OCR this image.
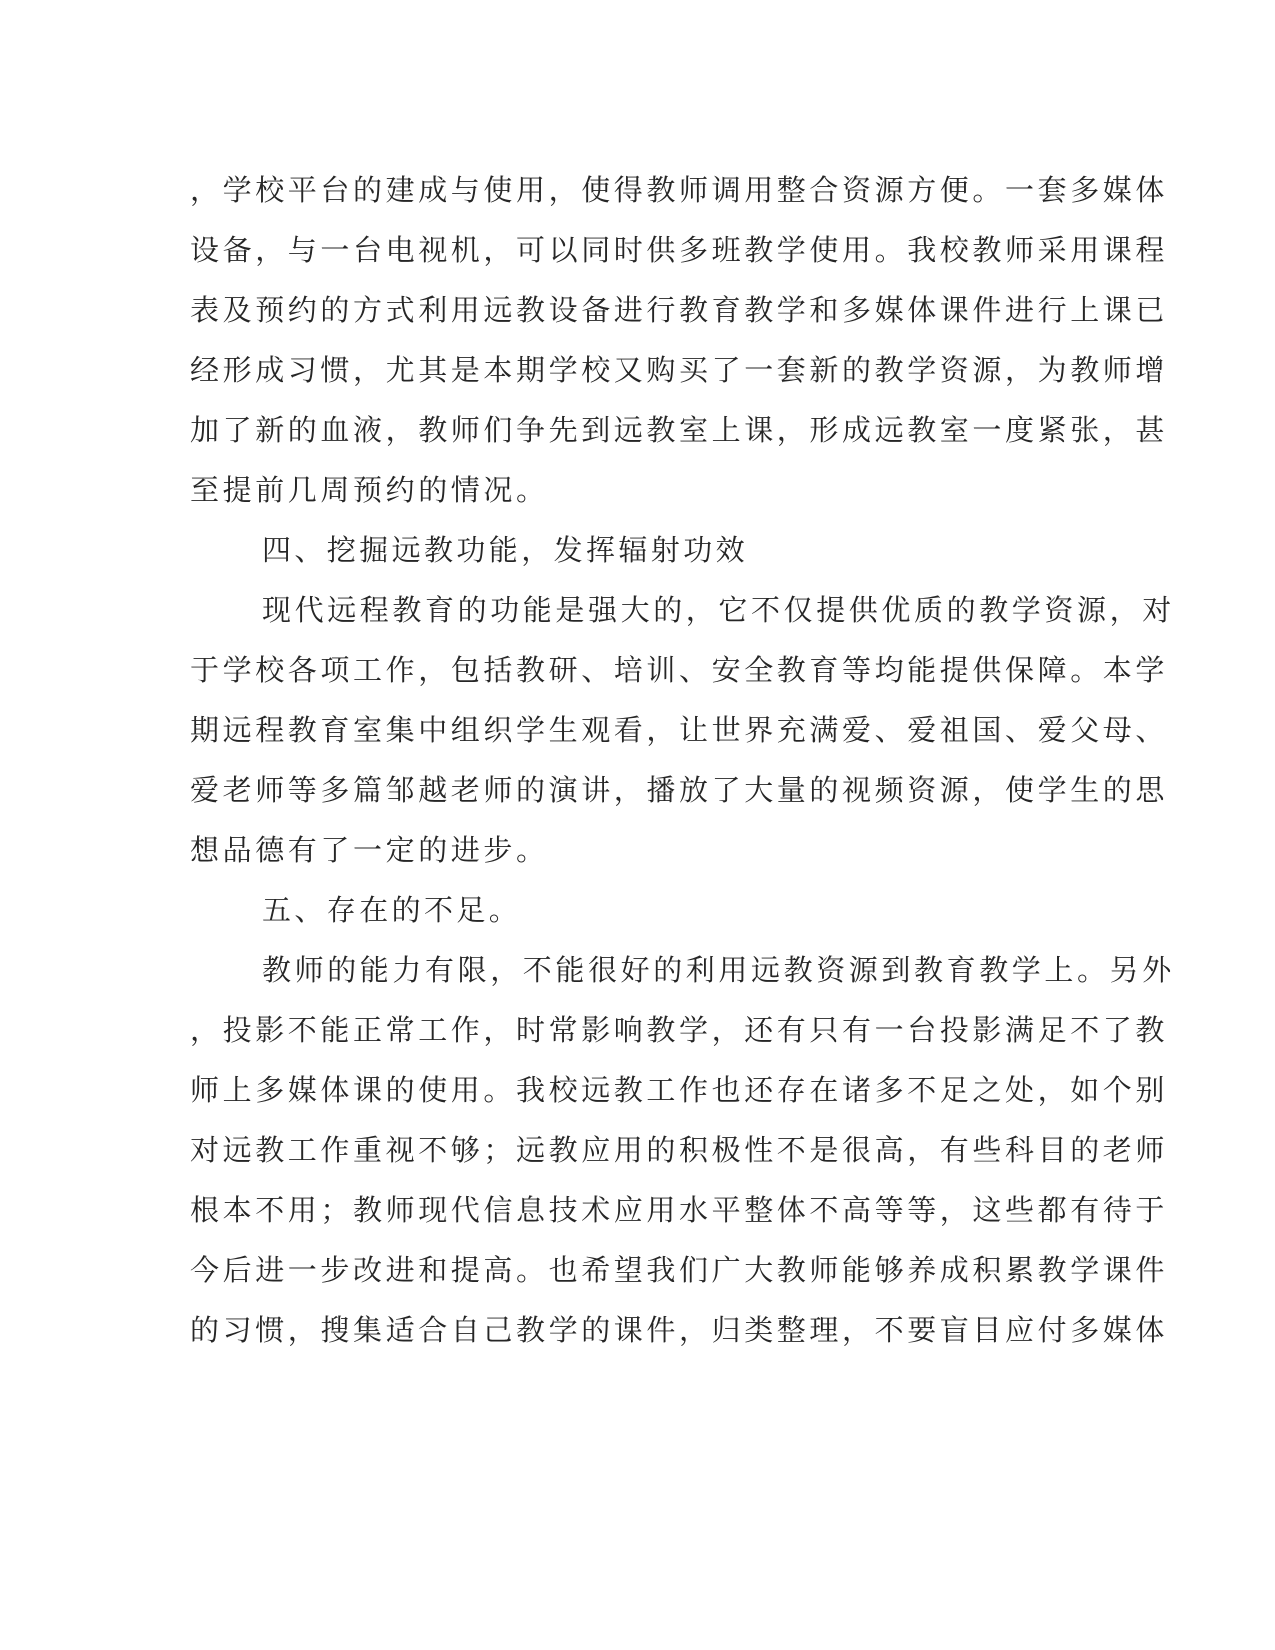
，学校平台的建成与使用，使得教师调用整合资源方便。一套多媒体
设备，与一台电视机，可以同时供多班教学使用。我校教师采用课程
表及预约的方式利用远教设备进行教育教学和多媒体课件进行上课已
经形成习惯，尤其是本期学校又购买了一套新的教学资源，为教师增
加了新的血液，教师们争先到远教室上课，形成远教室一度紧张，甚
至提前几周预约的情况。
四、挖掘远教功能，发挥辐射功效
现代远程教育的功能是强大的，它不仅提供优质的教学资源，对
于学校各项工作，包括教研、培训、安全教育等均能提供保障。本学
期远程教育室集中组织学生观看，让世界充满爱、爱祖国、爱父母、
爱老师等多篇邹越老师的演讲，播放了大量的视频资源，使学生的思
想品德有了一定的进步。
五、存在的不足。
教师的能力有限，不能很好的利用远教资源到教育教学上。另外
，投影不能正常工作，时常影响教学，还有只有一台投影满足不了教
师上多媒体课的使用。我校远教工作也还存在诸多不足之处，如个别
对远教工作重视不够；远教应用的积极性不是很高，有些科目的老师
根本不用；教师现代信息技术应用水平整体不高等等，这些都有待于
今后进一步改进和提高。也希望我们广大教师能够养成积累教学课件
的习惯，搜集适合自己教学的课件，归类整理，不要盲目应付多媒体
